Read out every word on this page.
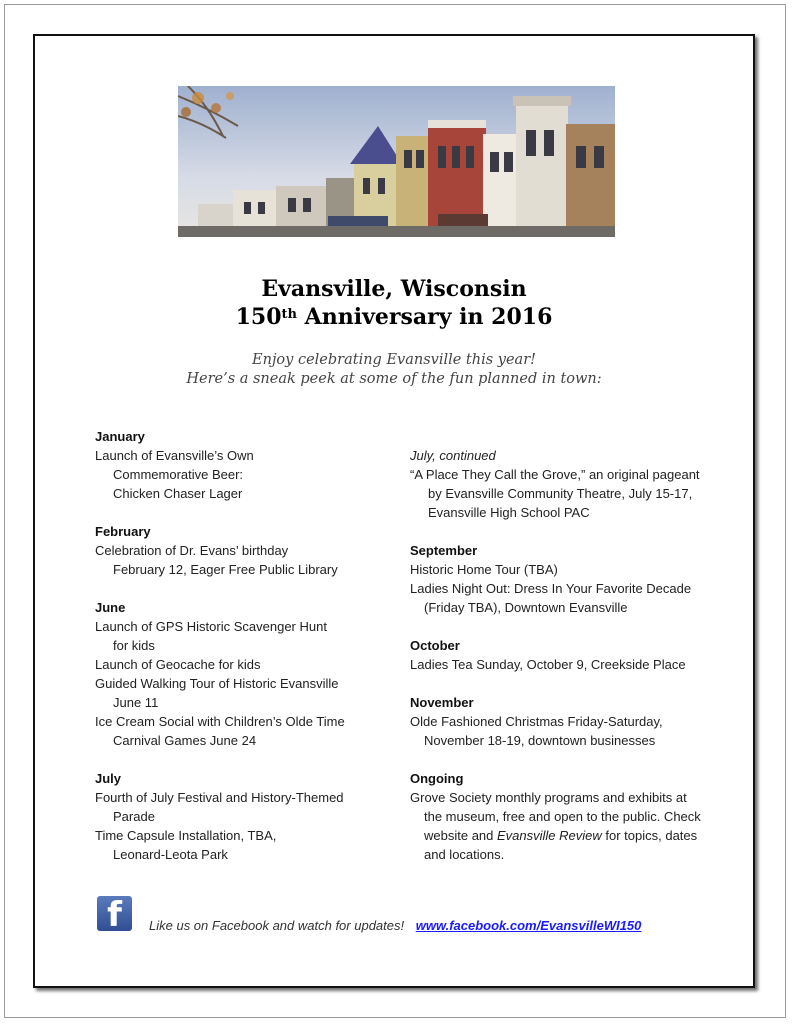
Evansville, Wisconsin
150th Anniversary in 2016
Enjoy celebrating Evansville this year!
Here’s a sneak peek at some of the fun planned in town:
January
Launch of Evansville’s Own
Commemorative Beer:
Chicken Chaser Lager
February
Celebration of Dr. Evans’ birthday
February 12, Eager Free Public Library
June
Launch of GPS Historic Scavenger Hunt
for kids
Launch of Geocache for kids
Guided Walking Tour of Historic Evansville
June 11
Ice Cream Social with Children’s Olde Time
Carnival Games June 24
July
Fourth of July Festival and History-Themed
Parade
Time Capsule Installation, TBA,
Leonard-Leota Park
July, continued
“A Place They Call the Grove,” an original pageant
by Evansville Community Theatre, July 15-17,
Evansville High School PAC
September
Historic Home Tour (TBA)
Ladies Night Out: Dress In Your Favorite Decade
(Friday TBA), Downtown Evansville
October
Ladies Tea Sunday, October 9, Creekside Place
November
Olde Fashioned Christmas Friday-Saturday,
November 18-19, downtown businesses
Ongoing
Grove Society monthly programs and exhibits at
the museum, free and open to the public. Check
website and Evansville Review for topics, dates
and locations.
f	Like us on Facebook and watch for updates! www.facebook.com/EvansvilleWI150
